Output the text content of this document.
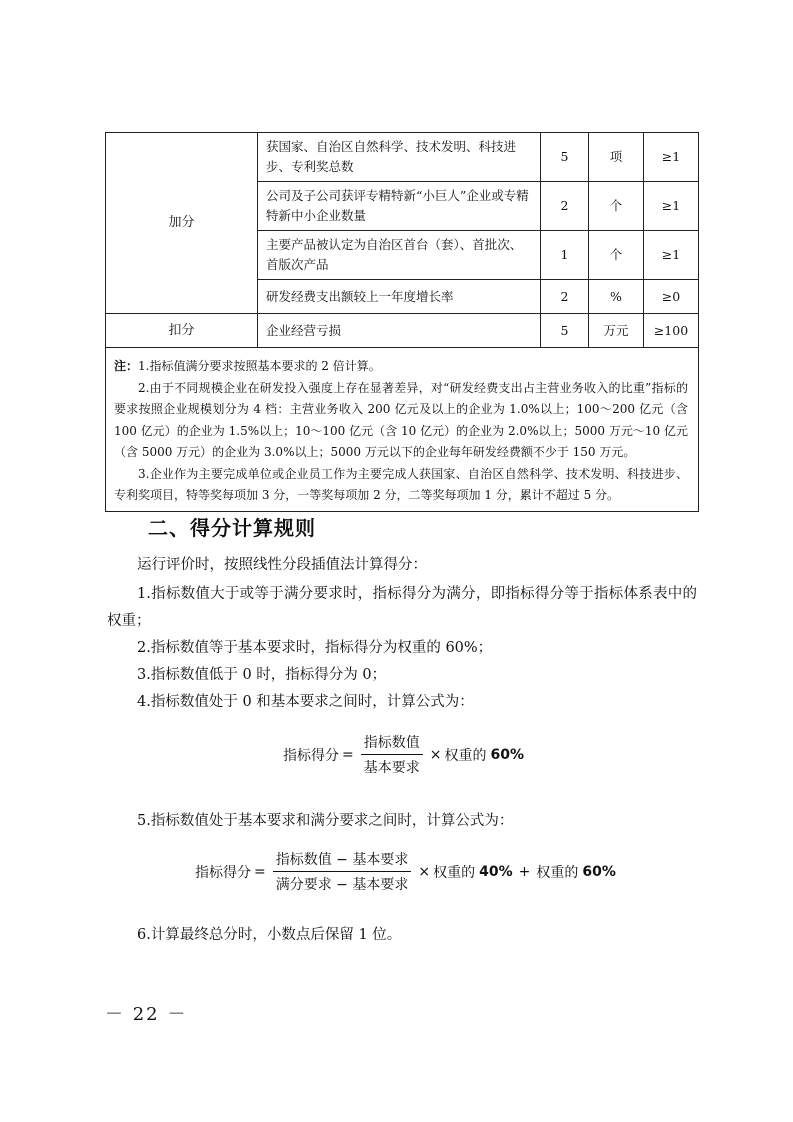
加分	获国家、自治区自然科学、技术发明、科技进步、专利奖总数	5	项	≥1
	公司及子公司获评专精特新“小巨人”企业或专精特新中小企业数量	2	个	≥1
	主要产品被认定为自治区首台（套）、首批次、首版次产品	1	个	≥1
	研发经费支出额较上一年度增长率	2	%	≥0
扣分	企业经营亏损	5	万元	≥100

注：1.指标值满分要求按照基本要求的 2 倍计算。

2.由于不同规模企业在研发投入强度上存在显著差异，对“研发经费支出占主营业务收入的比重”指标的要求按照企业规模划分为 4 档：主营业务收入 200 亿元及以上的企业为 1.0%以上；100～200 亿元（含 100 亿元）的企业为 1.5%以上；10～100 亿元（含 10 亿元）的企业为 2.0%以上；5000 万元～10 亿元（含 5000 万元）的企业为 3.0%以上；5000 万元以下的企业每年研发经费额不少于 150 万元。

3.企业作为主要完成单位或企业员工作为主要完成人获国家、自治区自然科学、技术发明、科技进步、专利奖项目，特等奖每项加 3 分，一等奖每项加 2 分，二等奖每项加 1 分，累计不超过 5 分。				

二、得分计算规则

运行评价时，按照线性分段插值法计算得分：

1.指标数值大于或等于满分要求时，指标得分为满分，即指标得分等于指标体系表中的权重；

2.指标数值等于基本要求时，指标得分为权重的 60%；

3.指标数值低于 0 时，指标得分为 0；

4.指标数值处于 0 和基本要求之间时，计算公式为：

指标得分 = $\frac{\text{指标数值}}{\text{基本要求}}$ × 权重的 60%

5.指标数值处于基本要求和满分要求之间时，计算公式为：

指标得分 = $\frac{\text{指标数值 − 基本要求}}{\text{满分要求 − 基本要求}}$ × 权重的 40% + 权重的 60%

6.计算最终总分时，小数点后保留 1 位。

－ 22 －
